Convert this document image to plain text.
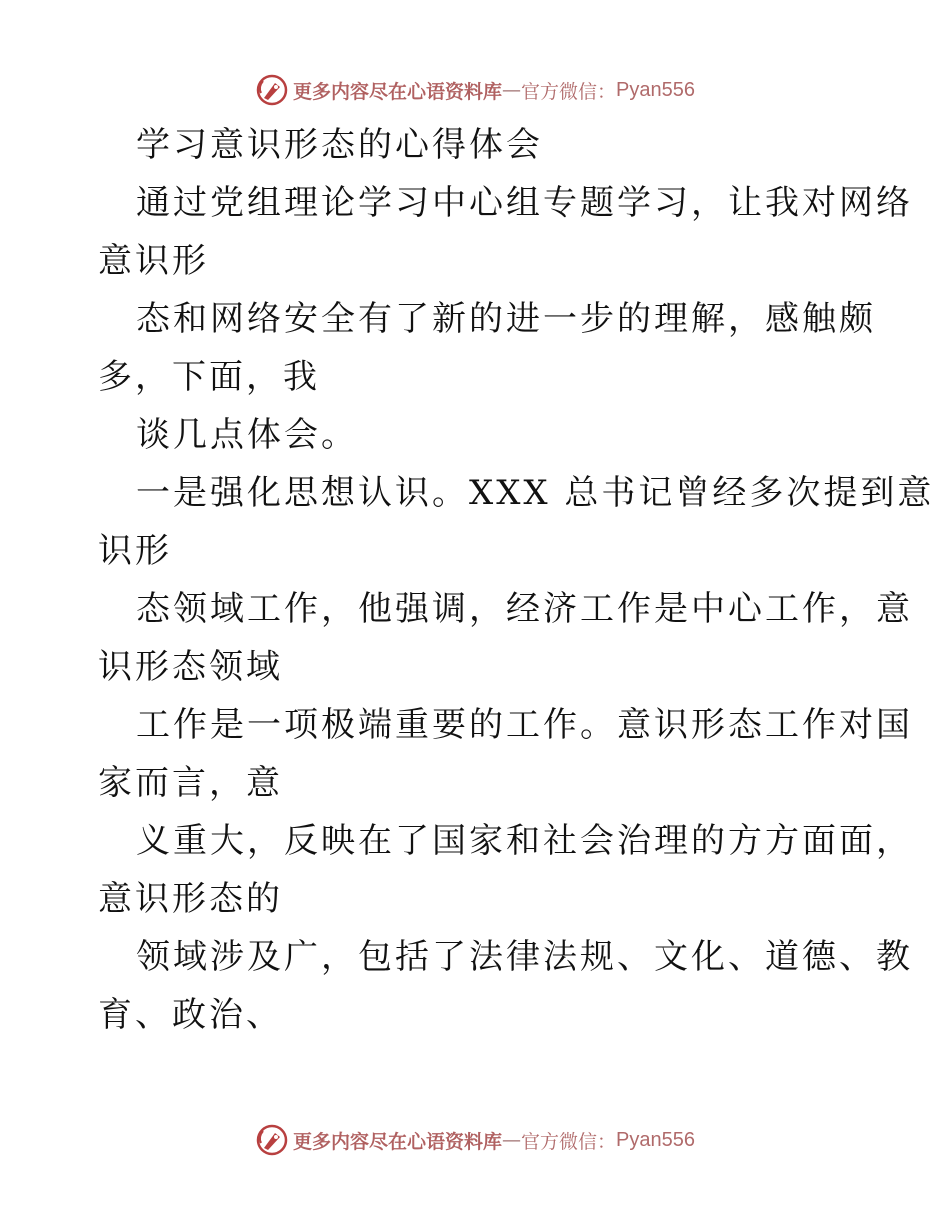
更多内容尽在心语资料库 — 官方微信： Pyan556
学习意识形态的心得体会
通过党组理论学习中心组专题学习，让我对网络
意识形
态和网络安全有了新的进一步的理解，感触颇
多，下面，我
谈几点体会。
一是强化思想认识。XXX 总书记曾经多次提到意
识形
态领域工作，他强调，经济工作是中心工作，意
识形态领域
工作是一项极端重要的工作。意识形态工作对国
家而言，意
义重大，反映在了国家和社会治理的方方面面，
意识形态的
领域涉及广，包括了法律法规、文化、道德、教
育、政治、
更多内容尽在心语资料库 — 官方微信： Pyan556
